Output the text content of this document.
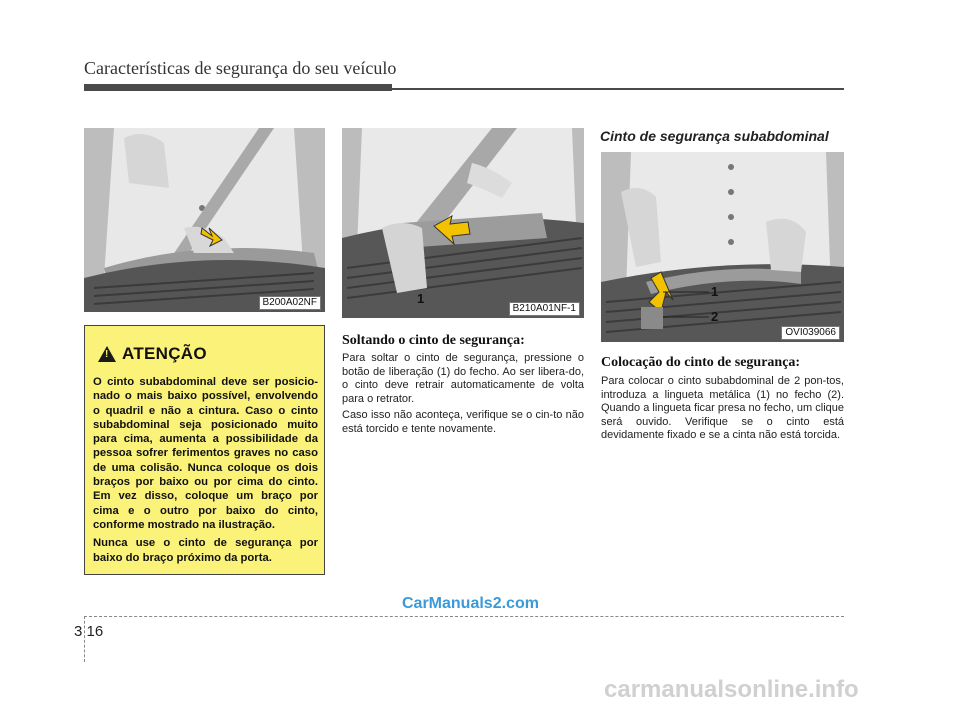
Características de segurança do seu veículo
B200A02NF	1
B210A01NF-1
! ATENÇÃO

O cinto subabdominal deve ser posicio-nado o mais baixo possível, envolvendo o quadril e não a cintura. Caso o cinto subabdominal seja posicionado muito para cima, aumenta a possibilidade da pessoa sofrer ferimentos graves no caso de uma colisão. Nunca coloque os dois braços por baixo ou por cima do cinto. Em vez disso, coloque um braço por cima e o outro por baixo do cinto, conforme mostrado na ilustração.

Nunca use o cinto de segurança por baixo do braço próximo da porta.

Soltando o cinto de segurança:

Para soltar o cinto de segurança, pressione o botão de liberação (1) do fecho. Ao ser libera-do, o cinto deve retrair automaticamente de volta para o retrator.

Caso isso não aconteça, verifique se o cin-to não está torcido e tente novamente.

Cinto de segurança subabdominal
1
2
OVI039066
Colocação do cinto de segurança:

Para colocar o cinto subabdominal de 2 pon-tos, introduza a lingueta metálica (1) no fecho (2). Quando a lingueta ficar presa no fecho, um clique será ouvido. Verifique se o cinto está devidamente fixado e se a cinta não está torcida.

CarManuals2.com
3 16
carmanualsonline.info
